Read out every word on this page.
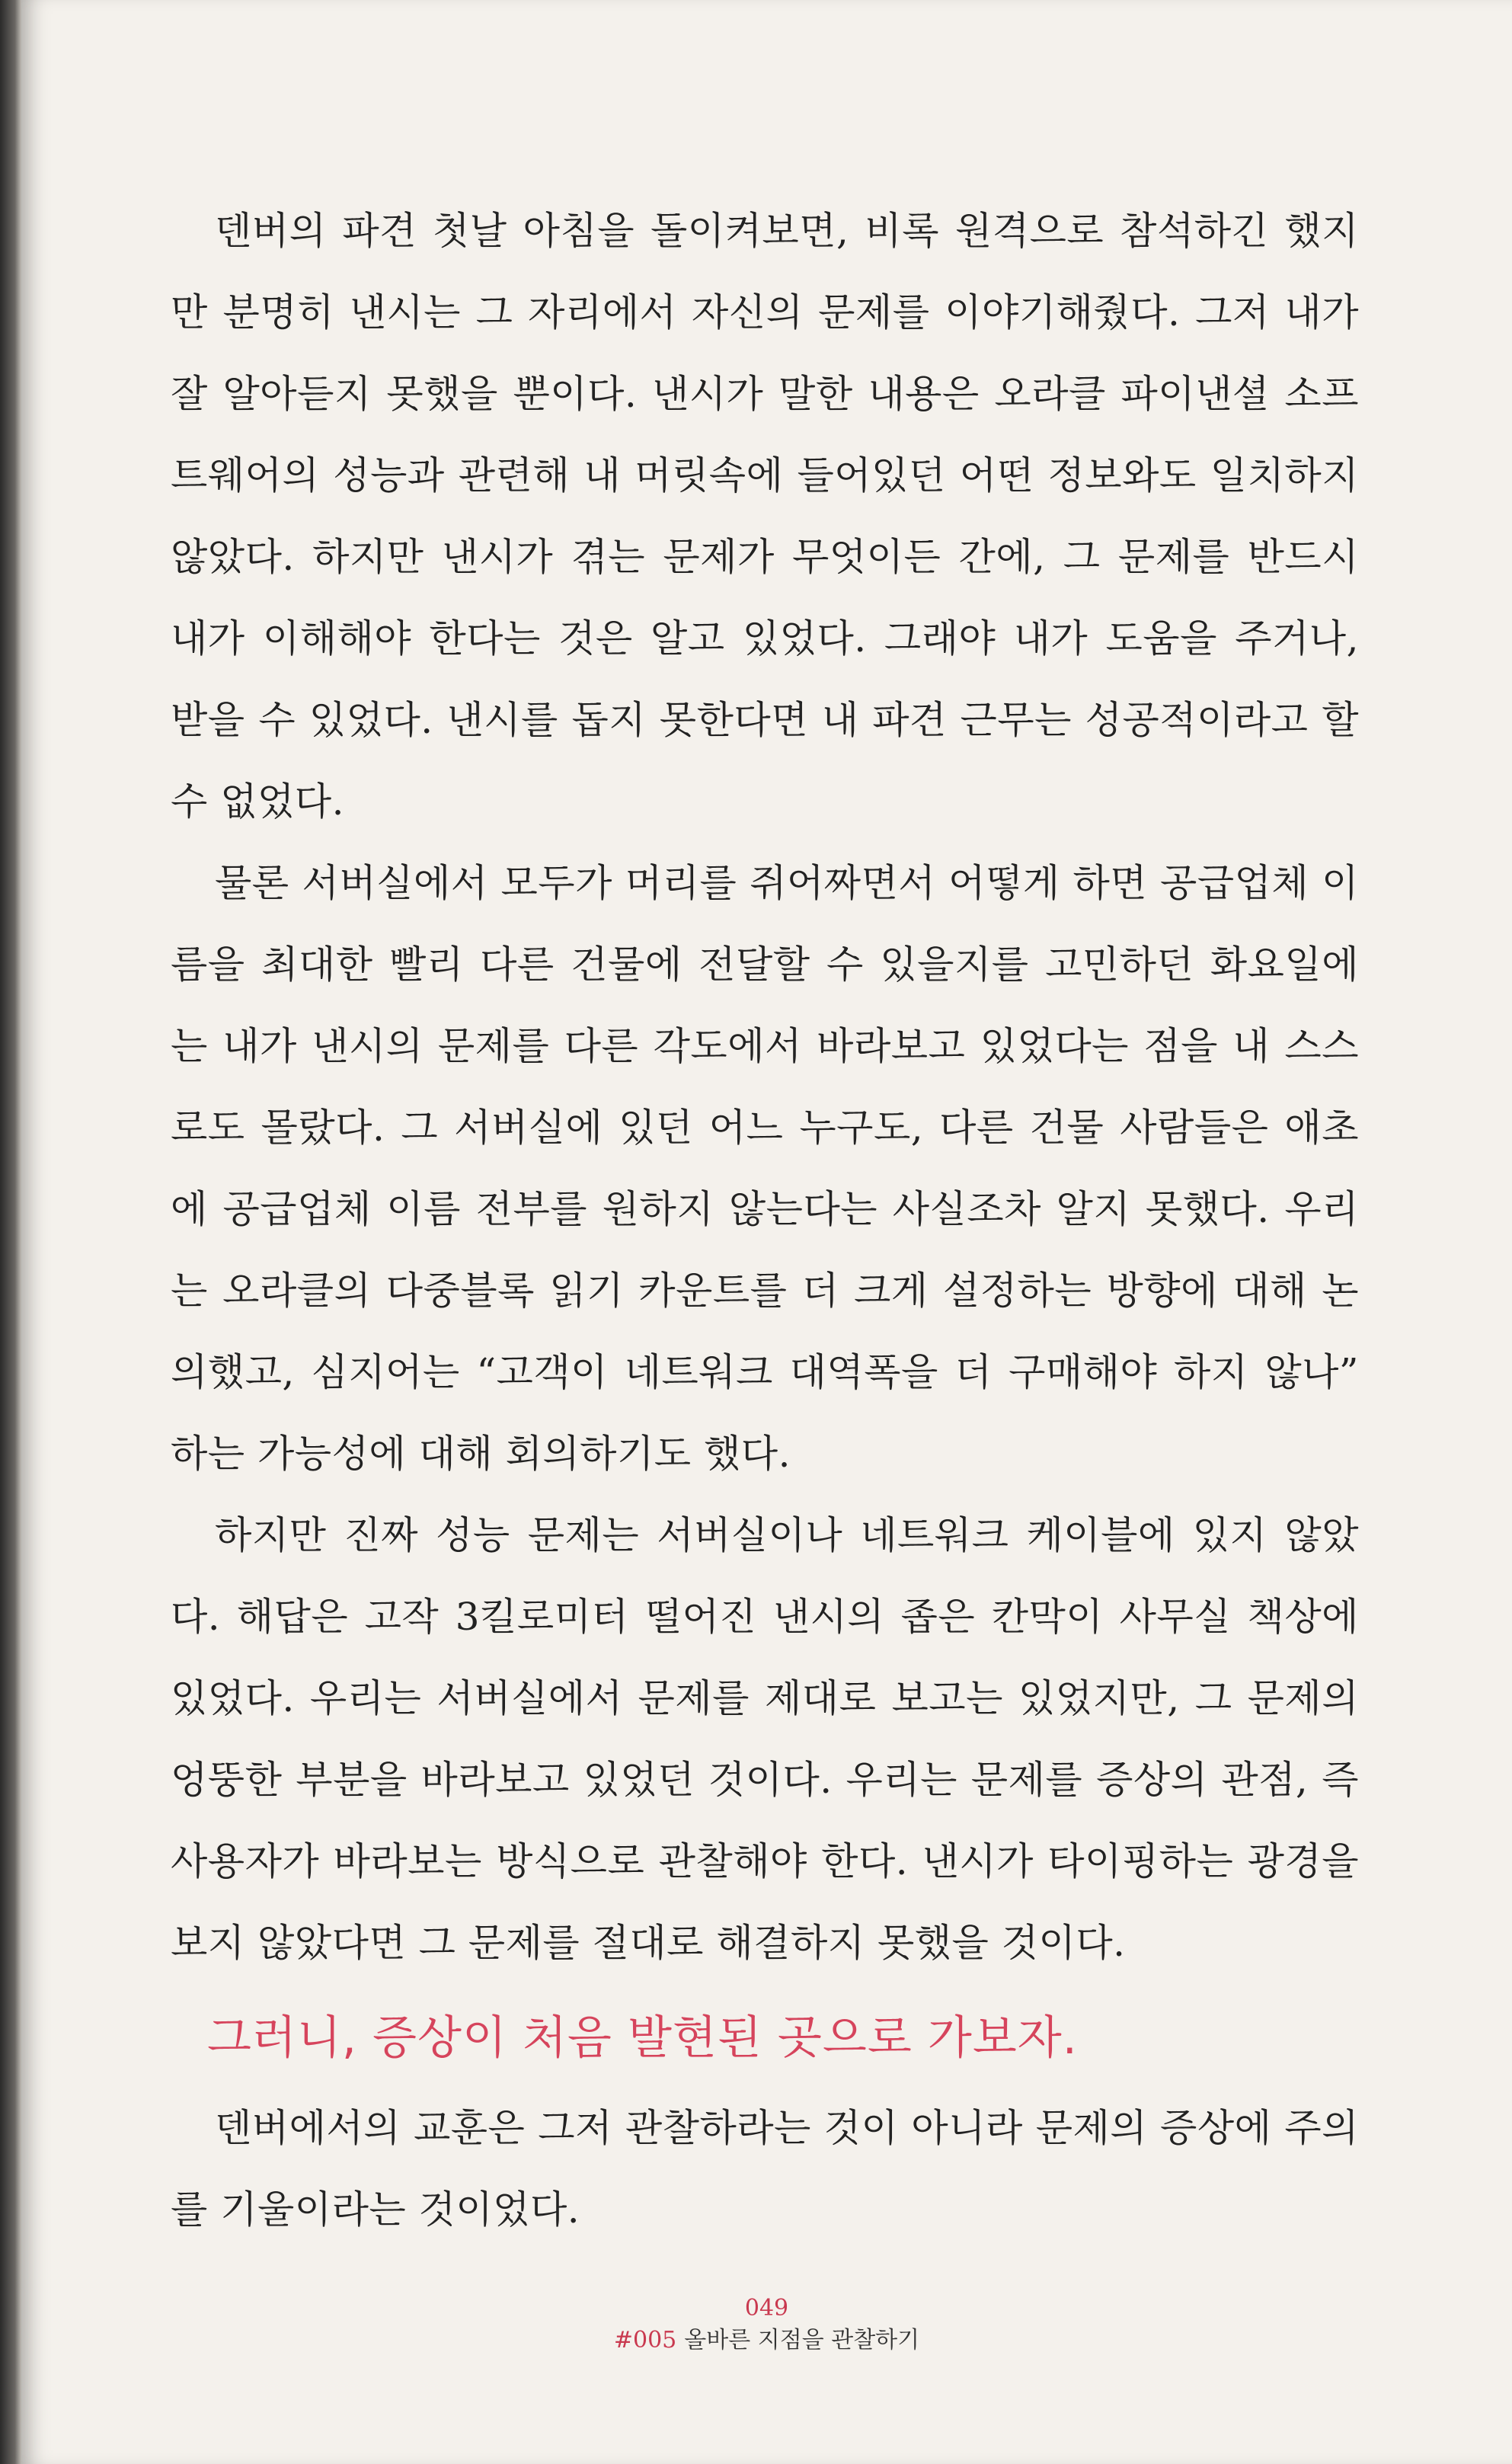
덴버의 파견 첫날 아침을 돌이켜보면, 비록 원격으로 참석하긴 했지만 분명히 낸시는 그 자리에서 자신의 문제를 이야기해줬다. 그저 내가 잘 알아듣지 못했을 뿐이다. 낸시가 말한 내용은 오라클 파이낸셜 소프트웨어의 성능과 관련해 내 머릿속에 들어있던 어떤 정보와도 일치하지 않았다. 하지만 낸시가 겪는 문제가 무엇이든 간에, 그 문제를 반드시 내가 이해해야 한다는 것은 알고 있었다. 그래야 내가 도움을 주거나, 받을 수 있었다. 낸시를 돕지 못한다면 내 파견 근무는 성공적이라고 할 수 없었다.

물론 서버실에서 모두가 머리를 쥐어짜면서 어떻게 하면 공급업체 이름을 최대한 빨리 다른 건물에 전달할 수 있을지를 고민하던 화요일에는 내가 낸시의 문제를 다른 각도에서 바라보고 있었다는 점을 내 스스로도 몰랐다. 그 서버실에 있던 어느 누구도, 다른 건물 사람들은 애초에 공급업체 이름 전부를 원하지 않는다는 사실조차 알지 못했다. 우리는 오라클의 다중블록 읽기 카운트를 더 크게 설정하는 방향에 대해 논의했고, 심지어는 “고객이 네트워크 대역폭을 더 구매해야 하지 않나” 하는 가능성에 대해 회의하기도 했다.

하지만 진짜 성능 문제는 서버실이나 네트워크 케이블에 있지 않았다. 해답은 고작 3킬로미터 떨어진 낸시의 좁은 칸막이 사무실 책상에 있었다. 우리는 서버실에서 문제를 제대로 보고는 있었지만, 그 문제의 엉뚱한 부분을 바라보고 있었던 것이다. 우리는 문제를 증상의 관점, 즉 사용자가 바라보는 방식으로 관찰해야 한다. 낸시가 타이핑하는 광경을 보지 않았다면 그 문제를 절대로 해결하지 못했을 것이다.

그러니, 증상이 처음 발현된 곳으로 가보자.

덴버에서의 교훈은 그저 관찰하라는 것이 아니라 문제의 증상에 주의를 기울이라는 것이었다.

049
#005 올바른 지점을 관찰하기
